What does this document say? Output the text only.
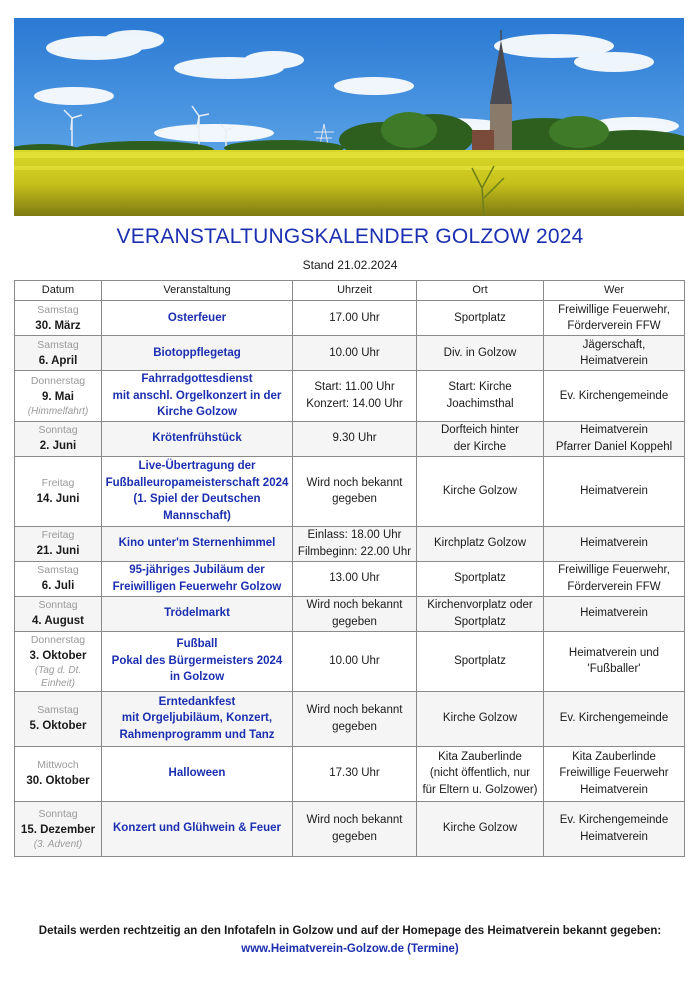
VERANSTALTUNGSKALENDER GOLZOW 2024
Stand 21.02.2024
Datum	Veranstaltung	Uhrzeit	Ort	Wer

Samstag
30. März	Osterfeuer	17.00 Uhr	Sportplatz	Freiwillige Feuerwehr,
Förderverein FFW

Samstag
6. April	Biotoppflegetag	10.00 Uhr	Div. in Golzow	Jägerschaft,
Heimatverein

Donnerstag
9. Mai
(Himmelfahrt)	Fahrradgottesdienst
mit anschl. Orgelkonzert in der
Kirche Golzow	Start: 11.00 Uhr
Konzert: 14.00 Uhr	Start: Kirche
Joachimsthal	Ev. Kirchengemeinde

Sonntag
2. Juni	Krötenfrühstück	9.30 Uhr	Dorfteich hinter
der Kirche	Heimatverein
Pfarrer Daniel Koppehl

Freitag
14. Juni	Live-Übertragung der
Fußballeuropameisterschaft 2024
(1. Spiel der Deutschen
Mannschaft)	Wird noch bekannt
gegeben	Kirche Golzow	Heimatverein

Freitag
21. Juni	Kino unter'm Sternenhimmel	Einlass: 18.00 Uhr
Filmbeginn: 22.00 Uhr	Kirchplatz Golzow	Heimatverein

Samstag
6. Juli	95-jähriges Jubiläum der
Freiwilligen Feuerwehr Golzow	13.00 Uhr	Sportplatz	Freiwillige Feuerwehr,
Förderverein FFW

Sonntag
4. August	Trödelmarkt	Wird noch bekannt
gegeben	Kirchenvorplatz oder
Sportplatz	Heimatverein

Donnerstag
3. Oktober
(Tag d. Dt.
Einheit)	Fußball
Pokal des Bürgermeisters 2024
in Golzow	10.00 Uhr	Sportplatz	Heimatverein und
'Fußballer'

Samstag
5. Oktober	Erntedankfest
mit Orgeljubiläum, Konzert,
Rahmenprogramm und Tanz	Wird noch bekannt
gegeben	Kirche Golzow	Ev. Kirchengemeinde

Mittwoch
30. Oktober	Halloween	17.30 Uhr	Kita Zauberlinde
(nicht öffentlich, nur
für Eltern u. Golzower)	Kita Zauberlinde
Freiwillige Feuerwehr
Heimatverein

Sonntag
15. Dezember
(3. Advent)	Konzert und Glühwein & Feuer	Wird noch bekannt
gegeben	Kirche Golzow	Ev. Kirchengemeinde
Heimatverein
Details werden rechtzeitig an den Infotafeln in Golzow und auf der Homepage des Heimatverein bekannt gegeben:
www.Heimatverein-Golzow.de (Termine)
